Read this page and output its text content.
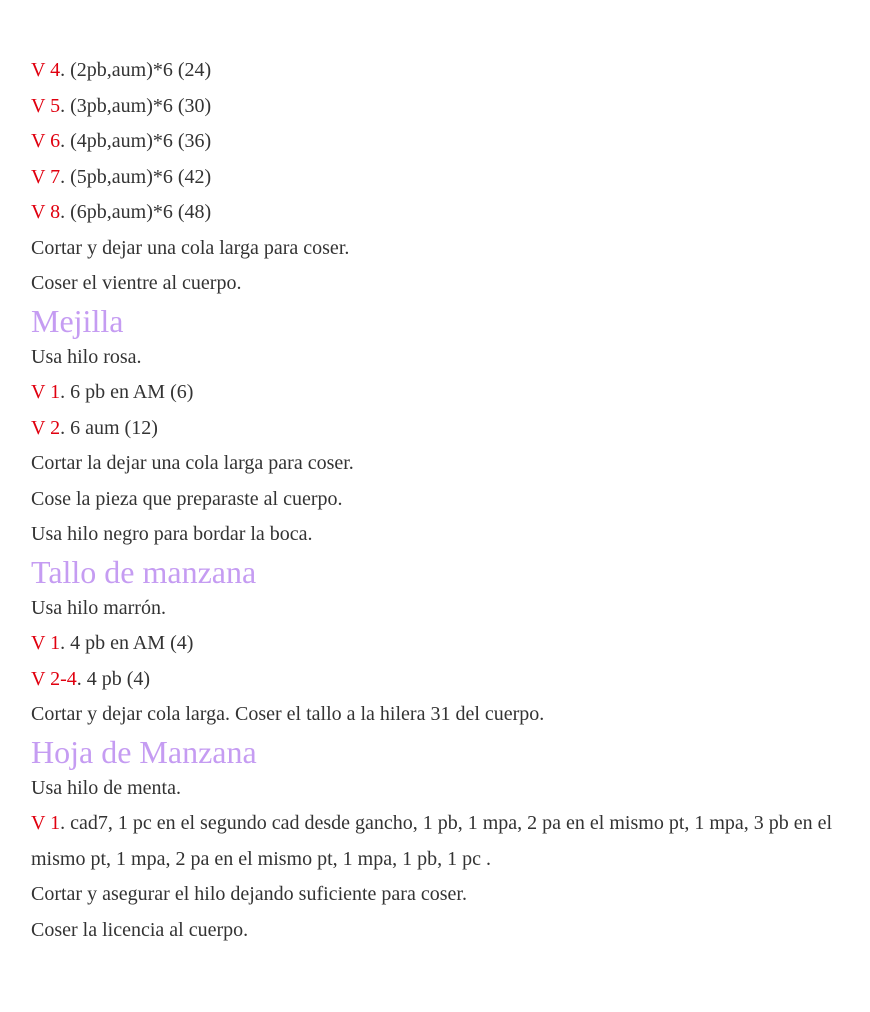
V 4. (2pb,aum)*6 (24)

V 5. (3pb,aum)*6 (30)

V 6. (4pb,aum)*6 (36)

V 7. (5pb,aum)*6 (42)

V 8. (6pb,aum)*6 (48)

Cortar y dejar una cola larga para coser.

Coser el vientre al cuerpo.

Mejilla

Usa hilo rosa.

V 1. 6 pb en AM (6)

V 2. 6 aum (12)

Cortar la dejar una cola larga para coser.

Cose la pieza que preparaste al cuerpo.

Usa hilo negro para bordar la boca.

Tallo de manzana

Usa hilo marrón.

V 1. 4 pb en AM (4)

V 2-4. 4 pb (4)

Cortar y dejar cola larga. Coser el tallo a la hilera 31 del cuerpo.

Hoja de Manzana

Usa hilo de menta.

V 1. cad7, 1 pc en el segundo cad desde gancho, 1 pb, 1 mpa, 2 pa en el mismo pt, 1 mpa, 3 pb en el mismo pt, 1 mpa, 2 pa en el mismo pt, 1 mpa, 1 pb, 1 pc .

Cortar y asegurar el hilo dejando suficiente para coser.

Coser la licencia al cuerpo.
